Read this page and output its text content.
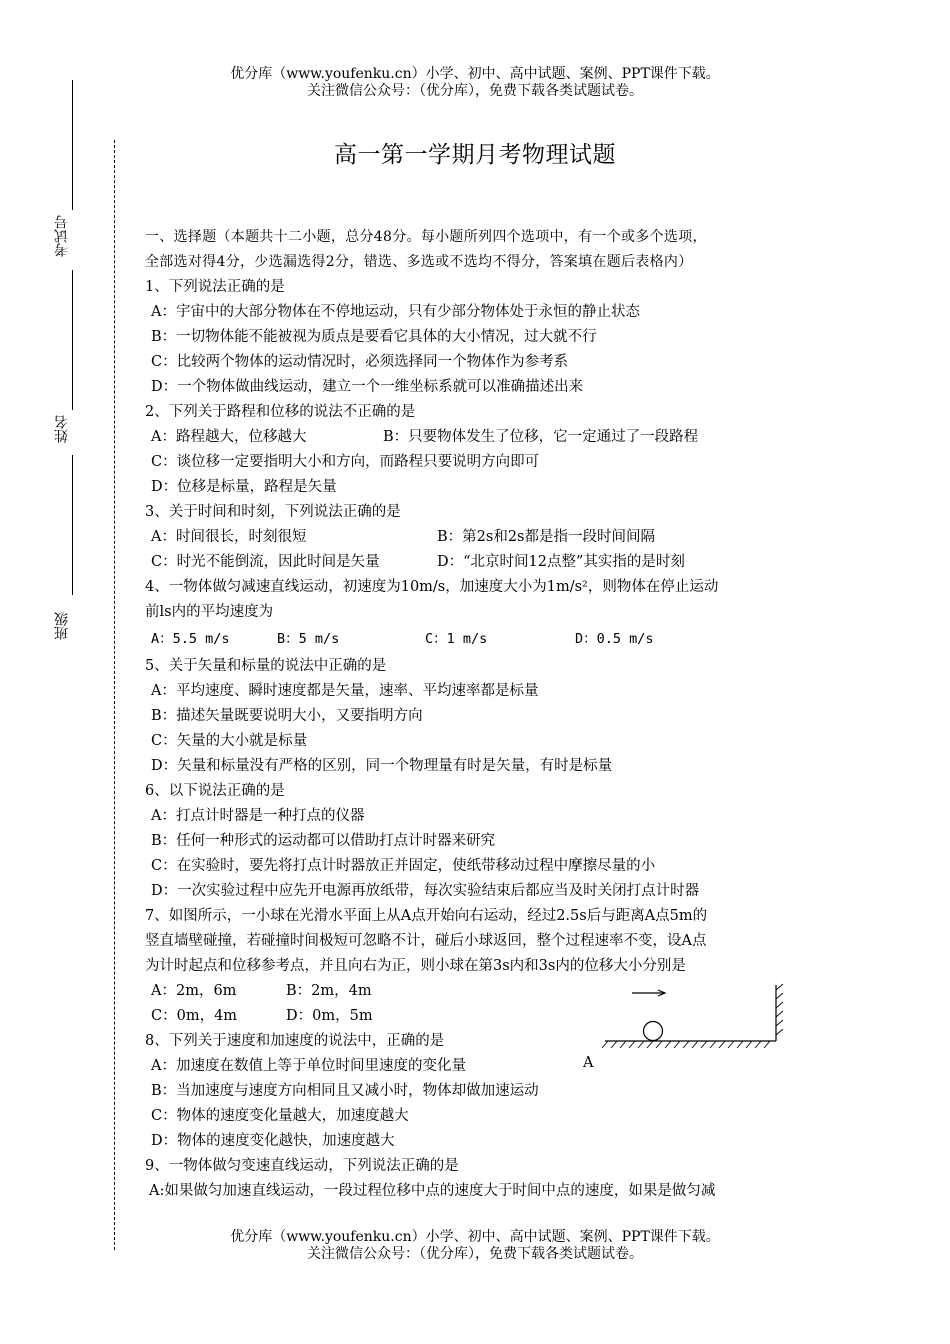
优分库（www.youfenku.cn）小学、初中、高中试题、案例、PPT课件下载。
关注微信公众号：（优分库），免费下载各类试题试卷。
高一第一学期月考物理试题
考试号
姓名
班级
一、选择题（本题共十二小题，总分48分。每小题所列四个选项中，有一个或多个选项，
全部选对得4分，少选漏选得2分，错选、多选或不选均不得分，答案填在题后表格内）
1、下列说法正确的是
A：宇宙中的大部分物体在不停地运动，只有少部分物体处于永恒的静止状态
B：一切物体能不能被视为质点是要看它具体的大小情况，过大就不行
C：比较两个物体的运动情况时，必须选择同一个物体作为参考系
D：一个物体做曲线运动，建立一个一维坐标系就可以准确描述出来
2、下列关于路程和位移的说法不正确的是
A：路程越大，位移越大	B：只要物体发生了位移，它一定通过了一段路程
C：谈位移一定要指明大小和方向，而路程只要说明方向即可
D：位移是标量，路程是矢量
3、关于时间和时刻，下列说法正确的是
A：时间很长，时刻很短	B：第2s和2s都是指一段时间间隔
C：时光不能倒流，因此时间是矢量	D：“北京时间12点整”其实指的是时刻
4、一物体做匀减速直线运动，初速度为10m/s，加速度大小为1m/s²，则物体在停止运动
前ls内的平均速度为
A：5.5 m/s	B：5 m/s	C：1 m/s	D：0.5 m/s
5、关于矢量和标量的说法中正确的是
A：平均速度、瞬时速度都是矢量，速率、平均速率都是标量
B：描述矢量既要说明大小，又要指明方向
C：矢量的大小就是标量
D：矢量和标量没有严格的区别，同一个物理量有时是矢量，有时是标量
6、以下说法正确的是
A：打点计时器是一种打点的仪器
B：任何一种形式的运动都可以借助打点计时器来研究
C：在实验时，要先将打点计时器放正并固定，使纸带移动过程中摩擦尽量的小
D：一次实验过程中应先开电源再放纸带，每次实验结束后都应当及时关闭打点计时器
7、如图所示，一小球在光滑水平面上从A点开始向右运动，经过2.5s后与距离A点5m的
竖直墙壁碰撞，若碰撞时间极短可忽略不计，碰后小球返回，整个过程速率不变，设A点
为计时起点和位移参考点，并且向右为正，则小球在第3s内和3s内的位移大小分别是
A：2m，6m	B：2m，4m
C：0m，4m	D：0m，5m
8、下列关于速度和加速度的说法中，正确的是
A：加速度在数值上等于单位时间里速度的变化量
B：当加速度与速度方向相同且又减小时，物体却做加速运动
C：物体的速度变化量越大，加速度越大
D：物体的速度变化越快，加速度越大
9、一物体做匀变速直线运动，下列说法正确的是
A:如果做匀加速直线运动，一段过程位移中点的速度大于时间中点的速度，如果是做匀减
A
优分库（www.youfenku.cn）小学、初中、高中试题、案例、PPT课件下载。
关注微信公众号：（优分库），免费下载各类试题试卷。
